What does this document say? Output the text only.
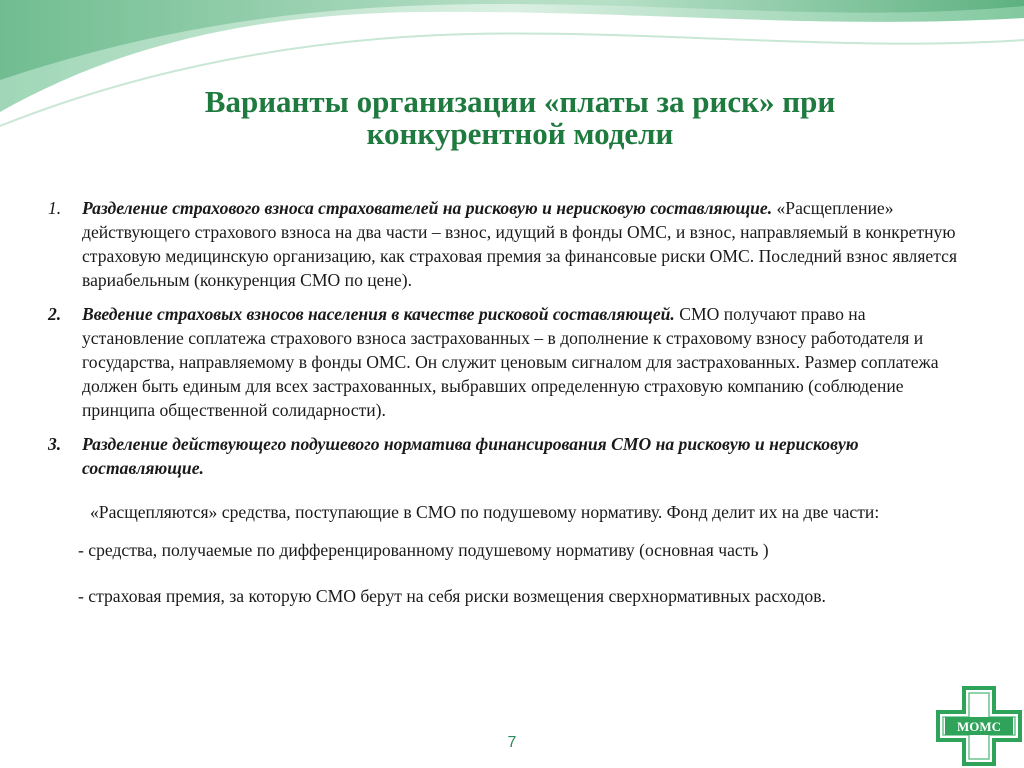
Варианты организации «платы за риск» при
конкурентной модели
1. Разделение страхового взноса страхователей на рисковую и нерисковую составляющие. «Расщепление» действующего страхового взноса на два части – взнос, идущий в фонды ОМС, и взнос, направляемый в конкретную страховую медицинскую организацию, как страховая премия за финансовые риски ОМС. Последний взнос является вариабельным (конкуренция СМО по цене).
2. Введение страховых взносов населения в качестве рисковой составляющей. СМО получают право на установление соплатежа страхового взноса застрахованных – в дополнение к страховому взносу работодателя и государства, направляемому в фонды ОМС. Он служит ценовым сигналом для застрахованных. Размер соплатежа должен быть единым для всех застрахованных, выбравших определенную страховую компанию (соблюдение принципа общественной солидарности).
3. Разделение действующего подушевого норматива финансирования СМО на рисковую и нерисковую составляющие.
«Расщепляются» средства, поступающие в СМО по подушевому нормативу. Фонд делит их на две части:
- средства, получаемые по дифференцированному подушевому нормативу (основная часть )
- страховая премия, за которую СМО берут на себя риски возмещения сверхнормативных расходов.
7
МОМС
